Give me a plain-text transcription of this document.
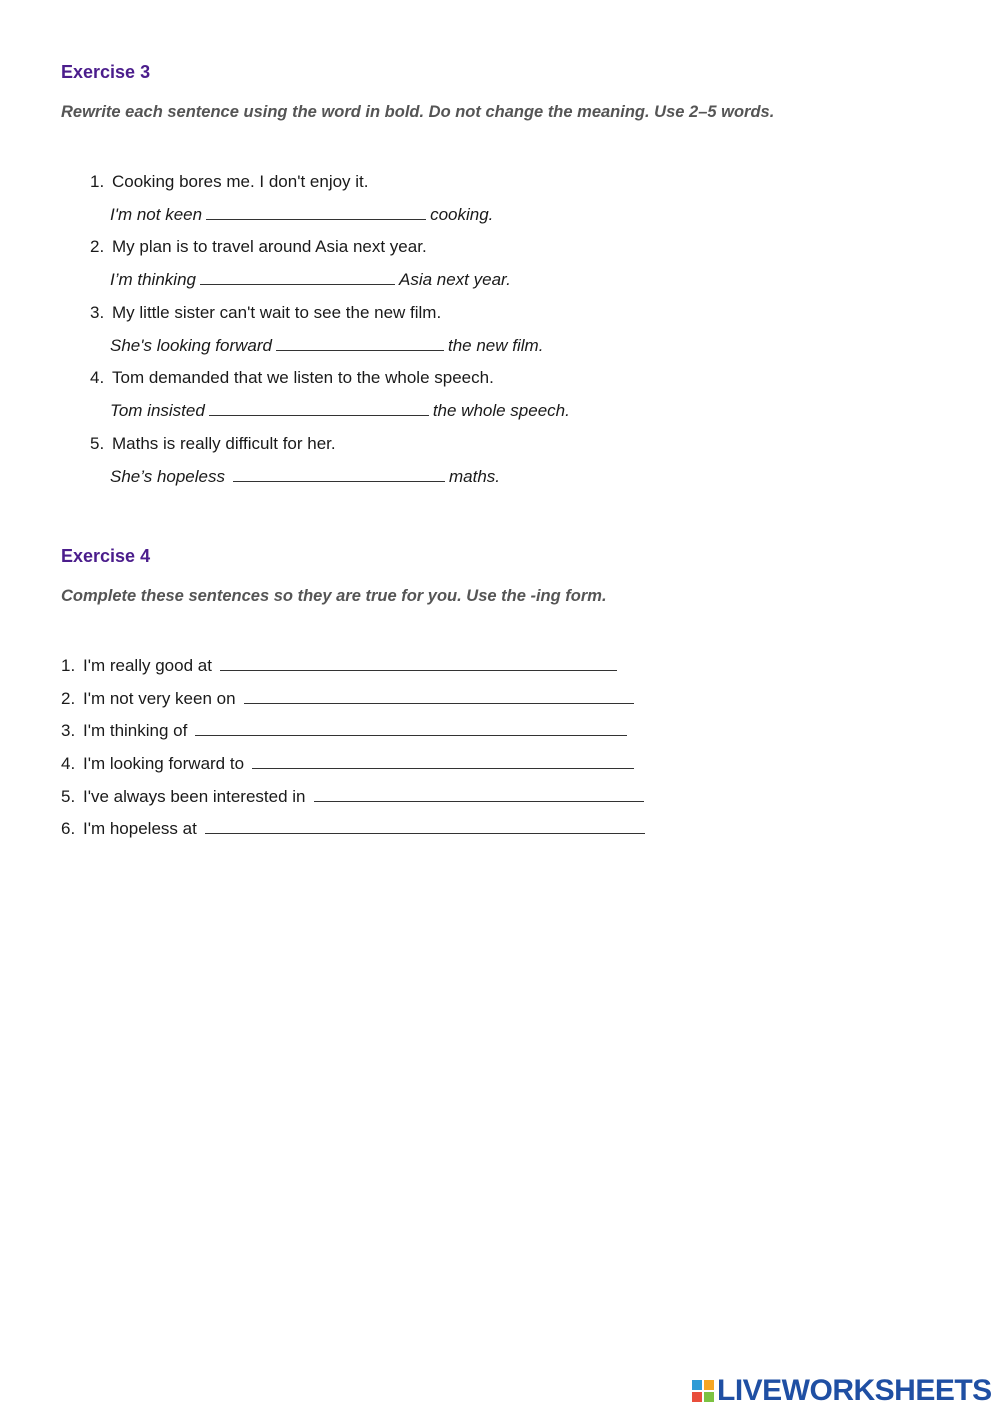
Exercise 3

Rewrite each sentence using the word in bold. Do not change the meaning. Use 2–5 words.

1. Cooking bores me. I don't enjoy it.
I'm not keen	cooking.
2. My plan is to travel around Asia next year.
I’m thinking	Asia next year.
3. My little sister can't wait to see the new film.
She's looking forward	the new film.
4. Tom demanded that we listen to the whole speech.
Tom insisted	the whole speech.
5. Maths is really difficult for her.
She’s hopeless	maths.
Exercise 4

Complete these sentences so they are true for you. Use the -ing form.

1. I'm really good at
2. I'm not very keen on
3. I'm thinking of
4. I'm looking forward to
5. I've always been interested in
6. I'm hopeless at
LIVEWORKSHEETS
